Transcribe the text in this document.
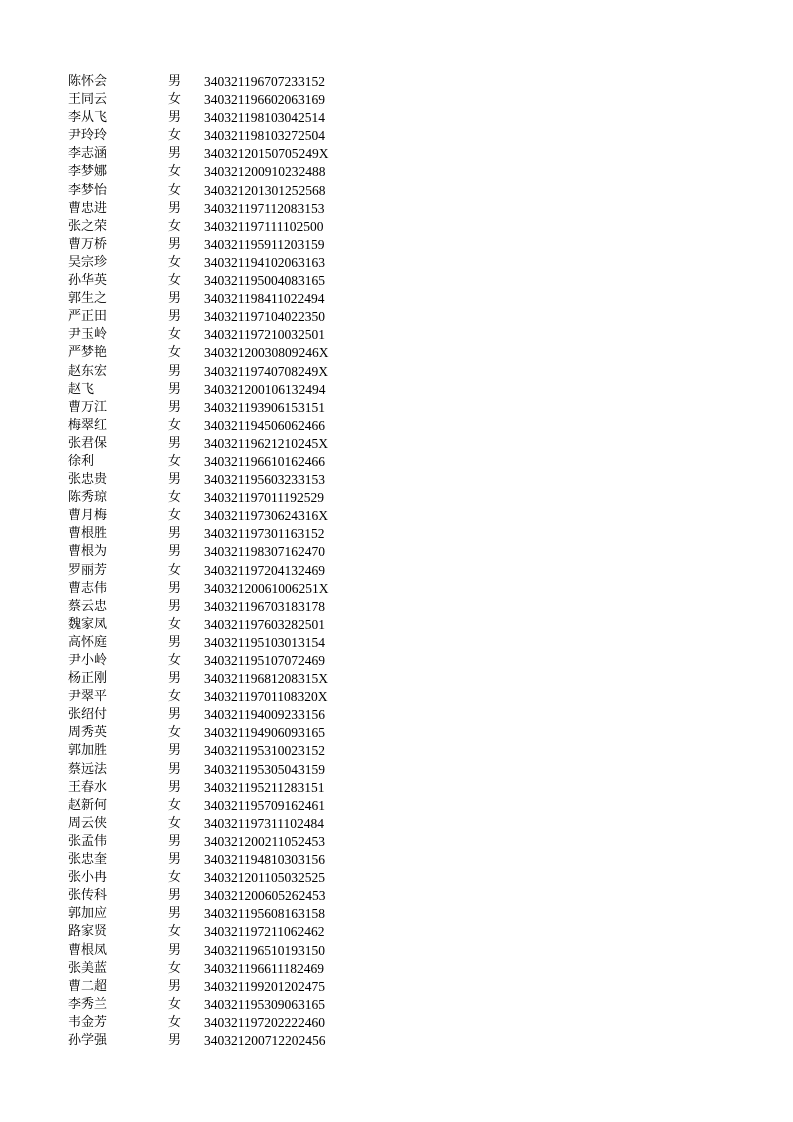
陈怀会	男	340321196707233152
王同云	女	340321196602063169
李从飞	男	340321198103042514
尹玲玲	女	340321198103272504
李志涵	男	34032120150705249X
李梦娜	女	340321200910232488
李梦怡	女	340321201301252568
曹忠进	男	340321197112083153
张之荣	女	340321197111102500
曹万桥	男	340321195911203159
吴宗珍	女	340321194102063163
孙华英	女	340321195004083165
郭生之	男	340321198411022494
严正田	男	340321197104022350
尹玉岭	女	340321197210032501
严梦艳	女	34032120030809246X
赵东宏	男	34032119740708249X
赵飞	男	340321200106132494
曹万江	男	340321193906153151
梅翠红	女	340321194506062466
张君保	男	34032119621210245X
徐利	女	340321196610162466
张忠贵	男	340321195603233153
陈秀琼	女	340321197011192529
曹月梅	女	34032119730624316X
曹根胜	男	340321197301163152
曹根为	男	340321198307162470
罗丽芳	女	340321197204132469
曹志伟	男	34032120061006251X
蔡云忠	男	340321196703183178
魏家凤	女	340321197603282501
高怀庭	男	340321195103013154
尹小岭	女	340321195107072469
杨正刚	男	34032119681208315X
尹翠平	女	34032119701108320X
张绍付	男	340321194009233156
周秀英	女	340321194906093165
郭加胜	男	340321195310023152
蔡远法	男	340321195305043159
王春水	男	340321195211283151
赵新何	女	340321195709162461
周云侠	女	340321197311102484
张孟伟	男	340321200211052453
张忠奎	男	340321194810303156
张小冉	女	340321201105032525
张传科	男	340321200605262453
郭加应	男	340321195608163158
路家贤	女	340321197211062462
曹根凤	男	340321196510193150
张美蓝	女	340321196611182469
曹二超	男	340321199201202475
李秀兰	女	340321195309063165
韦金芳	女	340321197202222460
孙学强	男	340321200712202456
